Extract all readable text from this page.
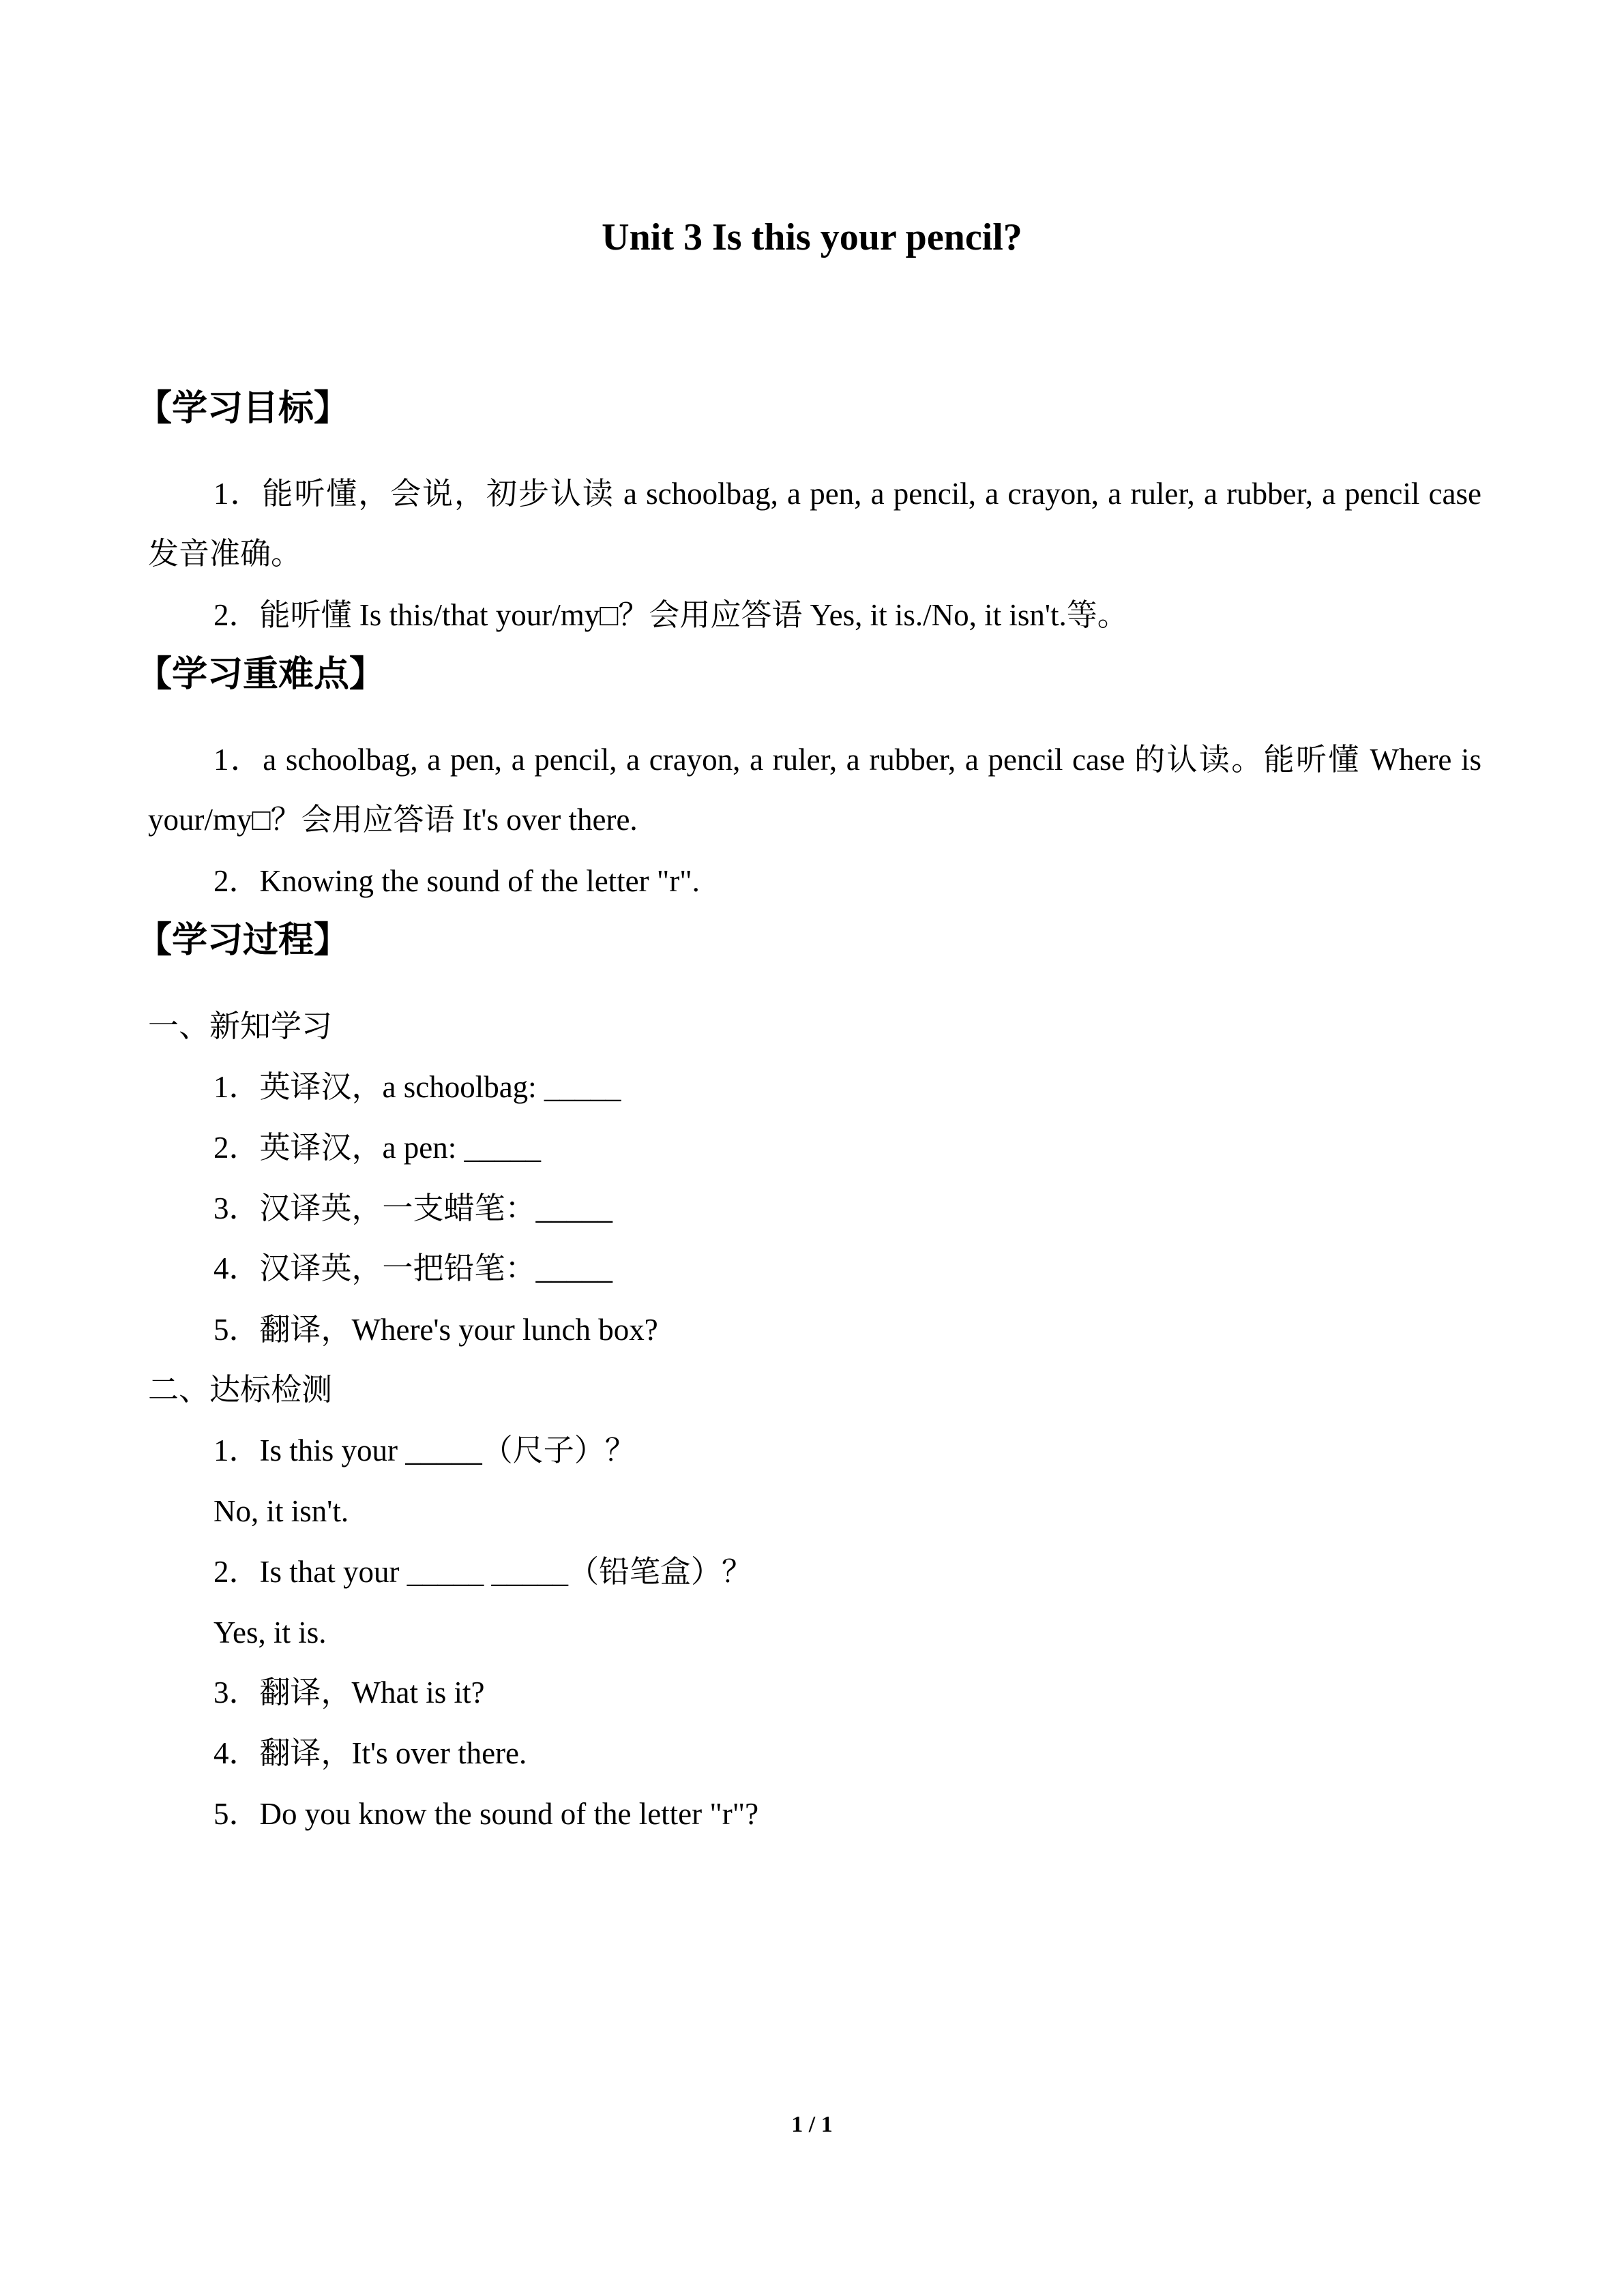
Unit 3 Is this your pencil?
【学习目标】
1．能听懂，会说，初步认读 a schoolbag, a pen, a pencil, a crayon, a ruler, a rubber, a pencil case 发音准确。
2．能听懂 Is this/that your/my□？会用应答语 Yes, it is./No, it isn't.等。
【学习重难点】
1．a schoolbag, a pen, a pencil, a crayon, a ruler, a rubber, a pencil case 的认读。能听懂 Where is your/my□？会用应答语 It's over there.
2．Knowing the sound of the letter "r".
【学习过程】
一、新知学习
1．英译汉，a schoolbag: _____
2．英译汉，a pen: _____
3．汉译英，一支蜡笔：_____
4．汉译英，一把铅笔：_____
5．翻译，Where's your lunch box?
二、达标检测
1．Is this your _____（尺子）？
No, it isn't.
2．Is that your _____ _____（铅笔盒）？
Yes, it is.
3．翻译，What is it?
4．翻译，It's over there.
5．Do you know the sound of the letter "r"?
1 / 1
